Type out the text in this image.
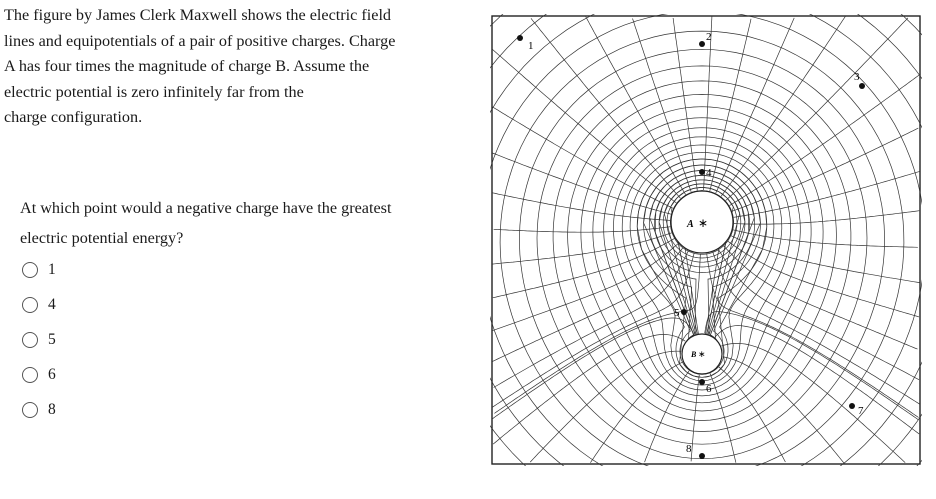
The figure by James Clerk Maxwell shows the electric field

lines and equipotentials of a pair of positive charges. Charge

A has four times the magnitude of charge B. Assume the

electric potential is zero infinitely far from the

charge configuration.

At which point would a negative charge have the greatest
electric potential energy?
1
4
5
6
8
A ∗
B ∗
1
2
3
4
5
6
7
8
